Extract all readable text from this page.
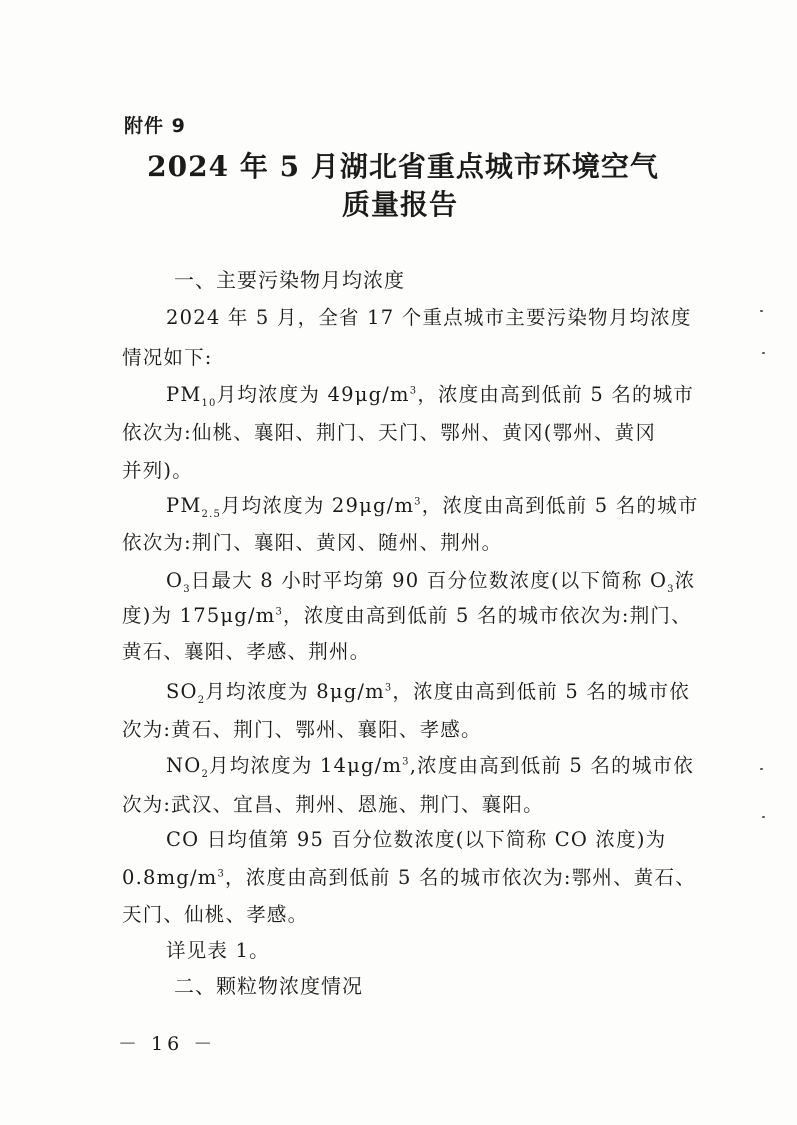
附件 9
2024 年 5 月湖北省重点城市环境空气
质量报告
一、主要污染物月均浓度
2024 年 5 月，全省 17 个重点城市主要污染物月均浓度
情况如下:
$PM_{10}$月均浓度为 $49\mu g/m^3$，浓度由高到低前 5 名的城市
依次为:仙桃、襄阳、荆门、天门、鄂州、黄冈(鄂州、黄冈
并列)。
$PM_{2.5}$月均浓度为 $29\mu g/m^3$，浓度由高到低前 5 名的城市
依次为:荆门、襄阳、黄冈、随州、荆州。
$O_3$日最大 8 小时平均第 90 百分位数浓度(以下简称 $O_3$浓
度)为 $175\mu g/m^3$，浓度由高到低前 5 名的城市依次为:荆门、
黄石、襄阳、孝感、荆州。
$SO_2$月均浓度为 $8\mu g/m^3$，浓度由高到低前 5 名的城市依
次为:黄石、荆门、鄂州、襄阳、孝感。
$NO_2$月均浓度为 $14\mu g/m^3$,浓度由高到低前 5 名的城市依
次为:武汉、宜昌、荆州、恩施、荆门、襄阳。
CO 日均值第 95 百分位数浓度(以下简称 CO 浓度)为
$0.8mg/m^3$，浓度由高到低前 5 名的城市依次为:鄂州、黄石、
天门、仙桃、孝感。
详见表 1。
二、颗粒物浓度情况
－ 16 －
